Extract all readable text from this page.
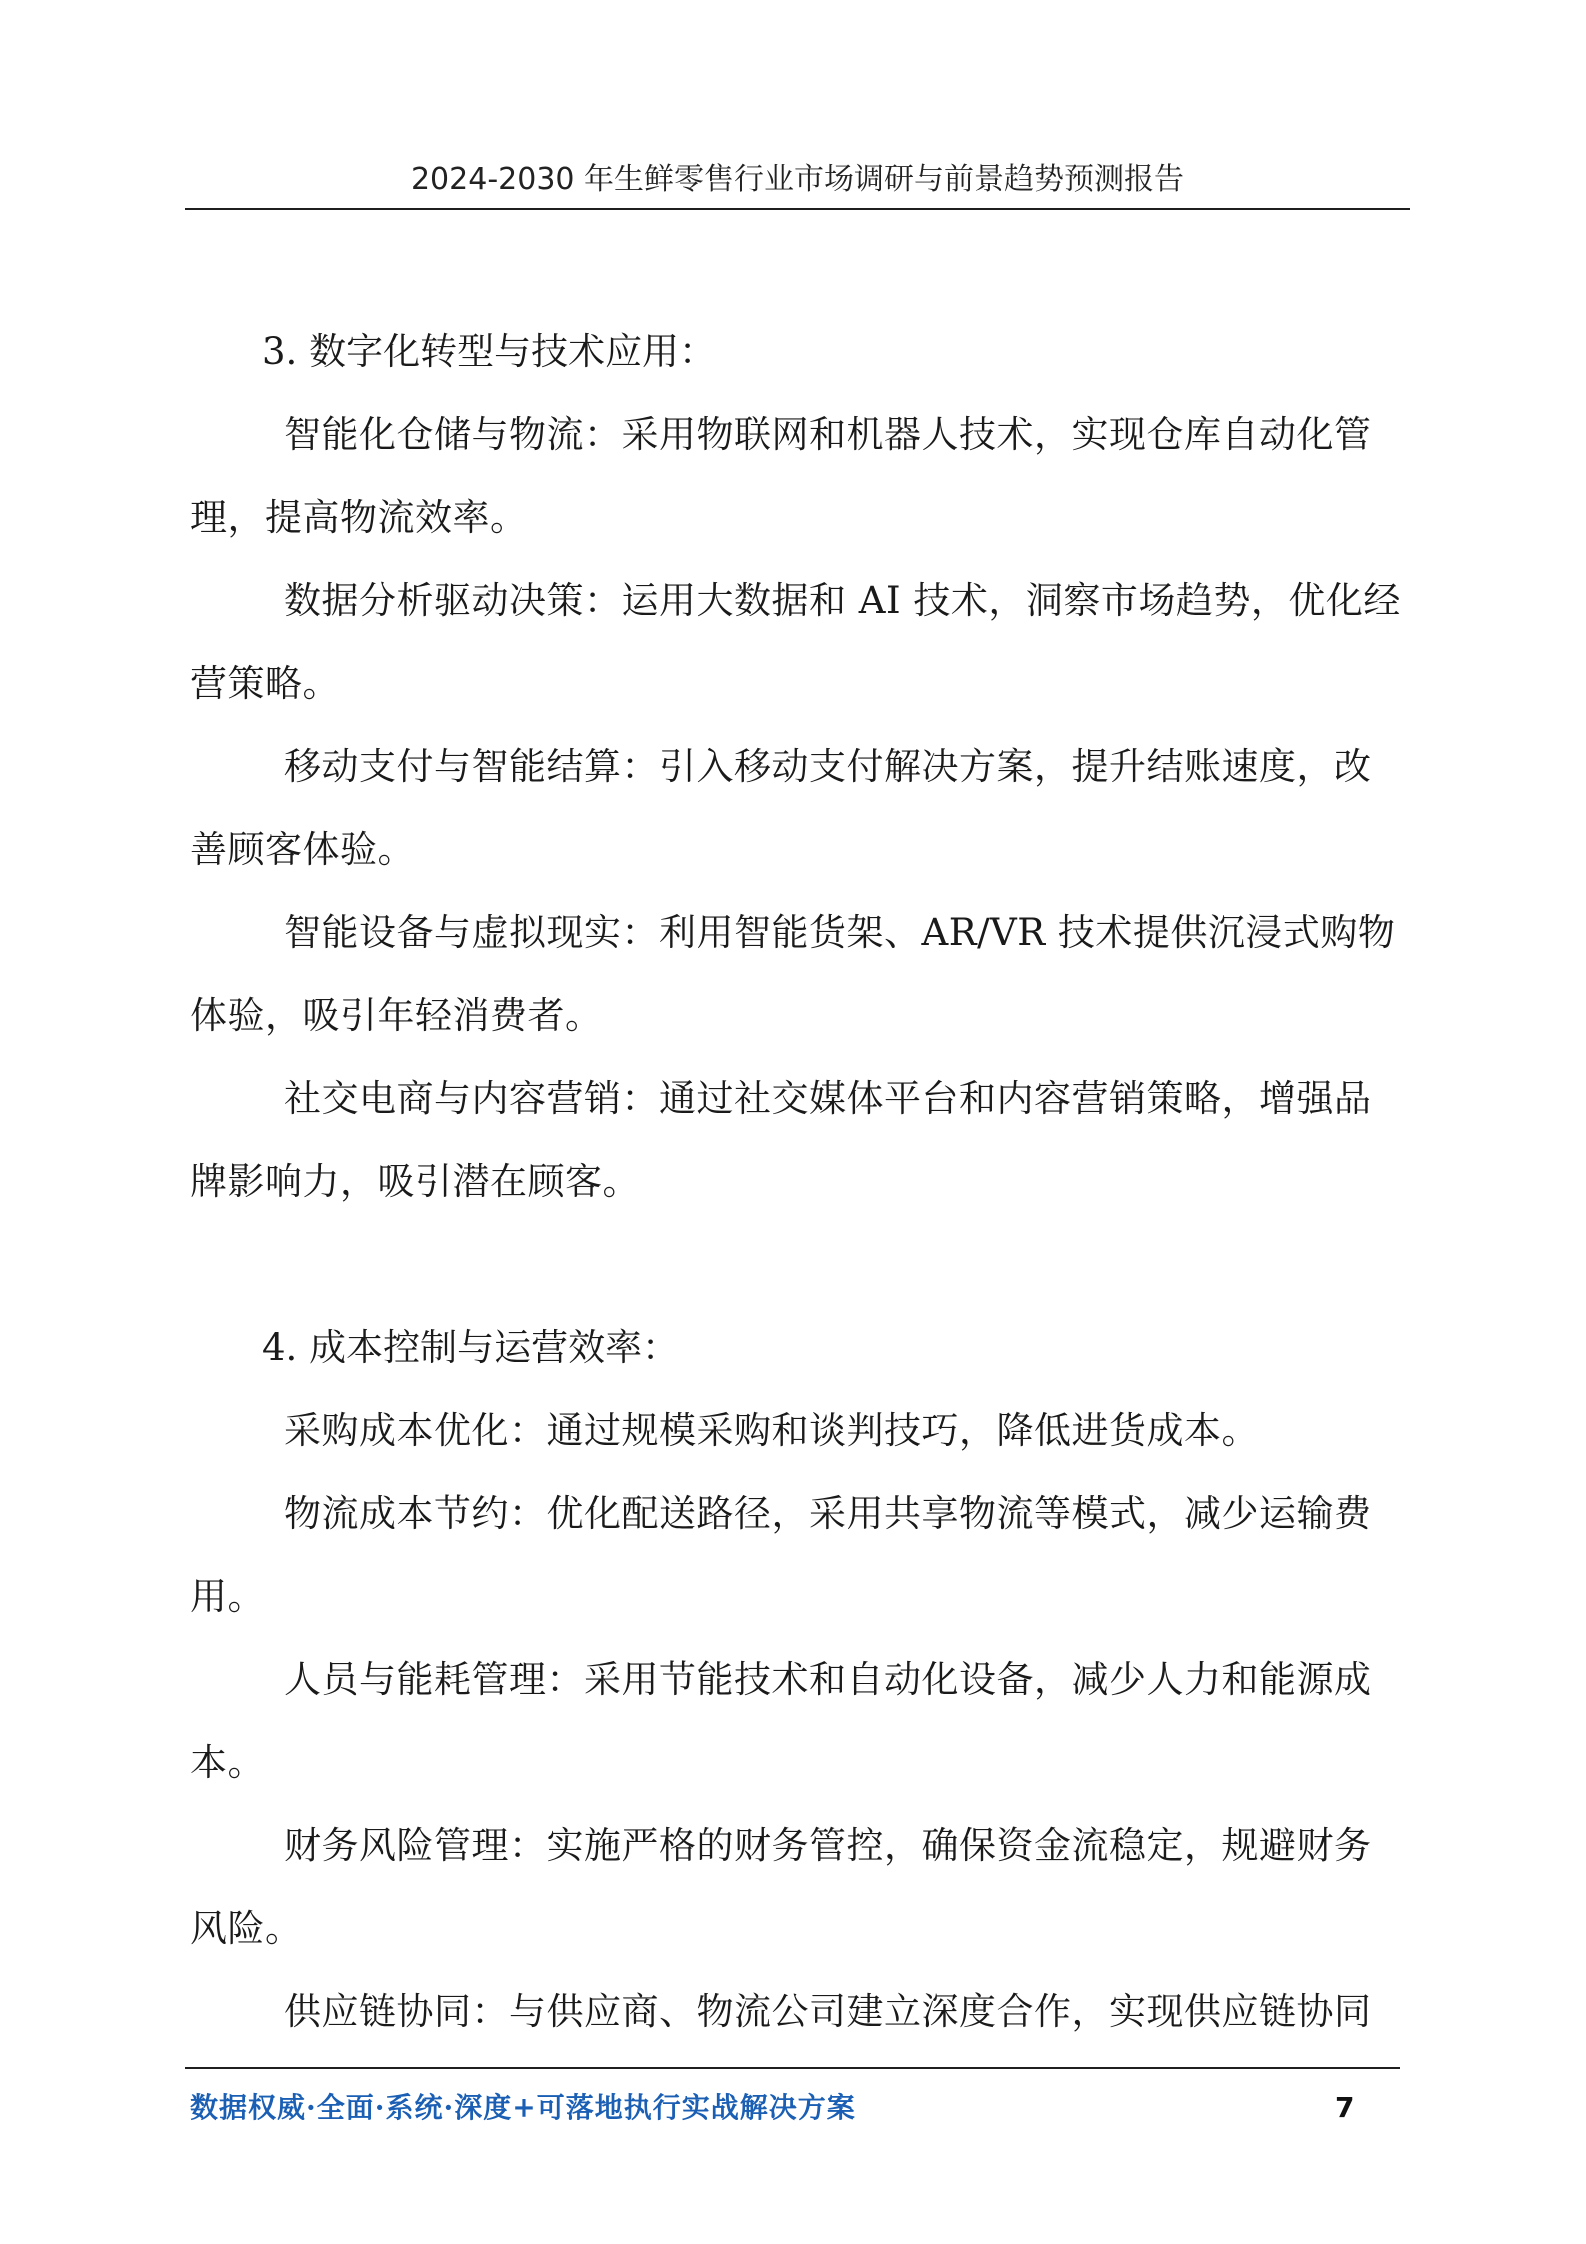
2024-2030 年生鲜零售行业市场调研与前景趋势预测报告

3. 数字化转型与技术应用：

智能化仓储与物流：采用物联网和机器人技术，实现仓库自动化管理，提高物流效率。

数据分析驱动决策：运用大数据和 AI 技术，洞察市场趋势，优化经营策略。

移动支付与智能结算：引入移动支付解决方案，提升结账速度，改善顾客体验。

智能设备与虚拟现实：利用智能货架、AR/VR 技术提供沉浸式购物体验，吸引年轻消费者。

社交电商与内容营销：通过社交媒体平台和内容营销策略，增强品牌影响力，吸引潜在顾客。

4. 成本控制与运营效率：

采购成本优化：通过规模采购和谈判技巧，降低进货成本。

物流成本节约：优化配送路径，采用共享物流等模式，减少运输费用。

人员与能耗管理：采用节能技术和自动化设备，减少人力和能源成本。

财务风险管理：实施严格的财务管控，确保资金流稳定，规避财务风险。

供应链协同：与供应商、物流公司建立深度合作，实现供应链协同

数据权威·全面·系统·深度+可落地执行实战解决方案	7
